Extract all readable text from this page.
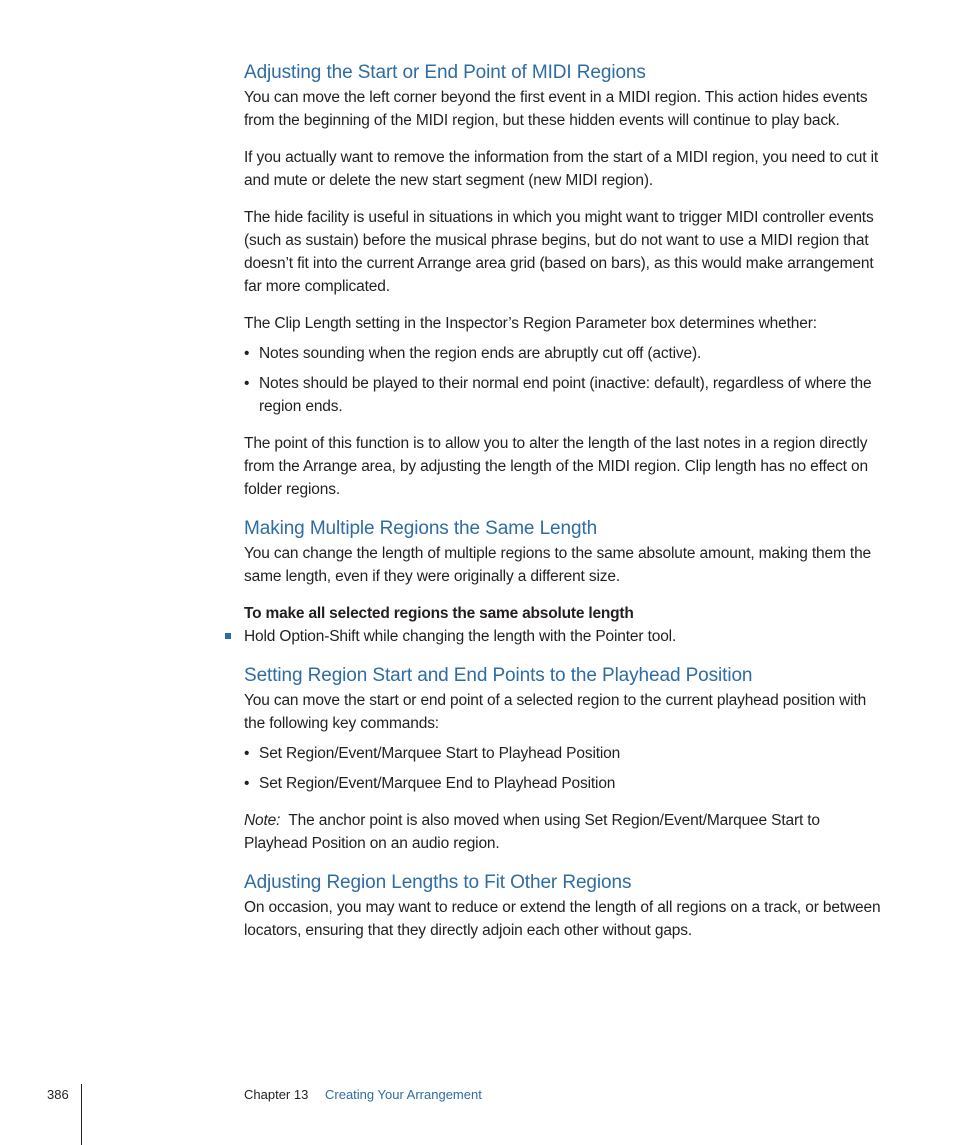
Adjusting the Start or End Point of MIDI Regions

You can move the left corner beyond the first event in a MIDI region. This action hides events from the beginning of the MIDI region, but these hidden events will continue to play back.

If you actually want to remove the information from the start of a MIDI region, you need to cut it and mute or delete the new start segment (new MIDI region).

The hide facility is useful in situations in which you might want to trigger MIDI controller events (such as sustain) before the musical phrase begins, but do not want to use a MIDI region that doesn’t fit into the current Arrange area grid (based on bars), as this would make arrangement far more complicated.

The Clip Length setting in the Inspector’s Region Parameter box determines whether:

• Notes sounding when the region ends are abruptly cut off (active).
• Notes should be played to their normal end point (inactive: default), regardless of where the region ends.

The point of this function is to allow you to alter the length of the last notes in a region directly from the Arrange area, by adjusting the length of the MIDI region. Clip length has no effect on folder regions.

Making Multiple Regions the Same Length

You can change the length of multiple regions to the same absolute amount, making them the same length, even if they were originally a different size.

To make all selected regions the same absolute length

Hold Option-Shift while changing the length with the Pointer tool.
Setting Region Start and End Points to the Playhead Position

You can move the start or end point of a selected region to the current playhead position with the following key commands:

• Set Region/Event/Marquee Start to Playhead Position
• Set Region/Event/Marquee End to Playhead Position

Note:  The anchor point is also moved when using Set Region/Event/Marquee Start to Playhead Position on an audio region.

Adjusting Region Lengths to Fit Other Regions

On occasion, you may want to reduce or extend the length of all regions on a track, or between locators, ensuring that they directly adjoin each other without gaps.

386	Chapter 13 Creating Your Arrangement
